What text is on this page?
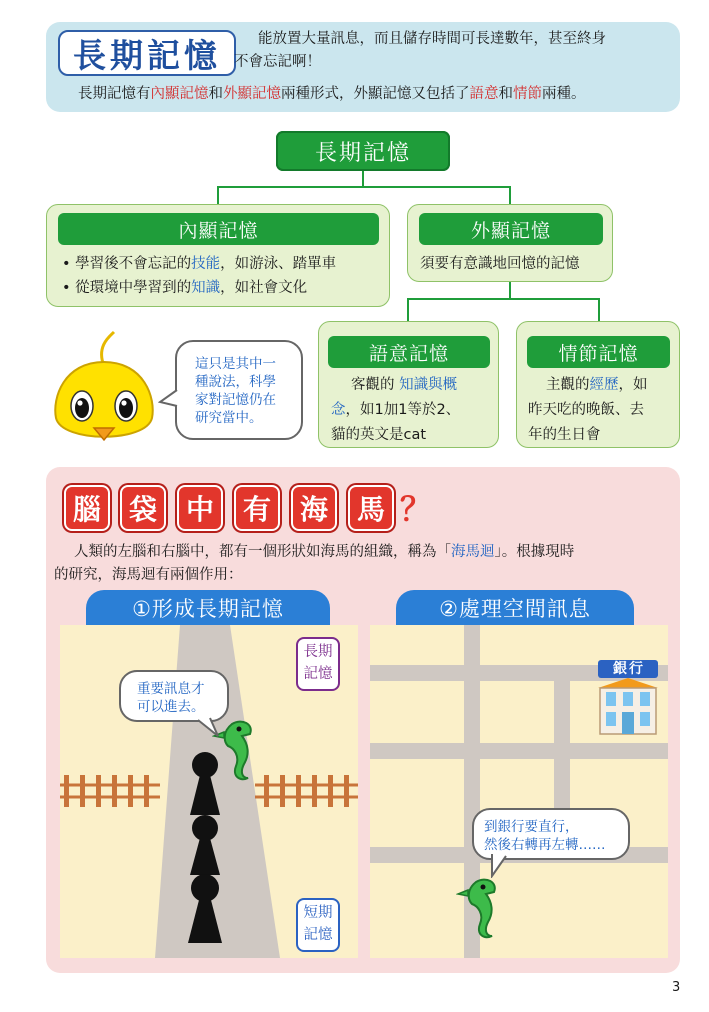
長期記憶	能放置大量訊息，而且儲存時間可長達數年，甚至終身
不會忘記啊！
長期記憶有內顯記憶和外顯記憶兩種形式，外顯記憶又包括了語意和情節兩種。
長期記憶
內顯記憶
• 學習後不會忘記的技能，如游泳、踏單車
• 從環境中學習到的知識，如社會文化
外顯記憶
須要有意識地回憶的記憶
語意記憶
客觀的 知識與概
念，如1加1等於2、
貓的英文是cat
情節記憶
主觀的經歷，如
昨天吃的晚飯、去
年的生日會
這只是其中一
種說法，科學
家對記憶仍在
研究當中。
腦 袋	中	有	海	馬 ？
人類的左腦和右腦中，都有一個形狀如海馬的組織，稱為「海馬迴」。根據現時
的研究，海馬迴有兩個作用：
①形成長期記憶	②處理空間訊息
長期
記憶
短期
記憶
重要訊息才
可以進去。
銀行
到銀行要直行，
然後右轉再左轉……
3
